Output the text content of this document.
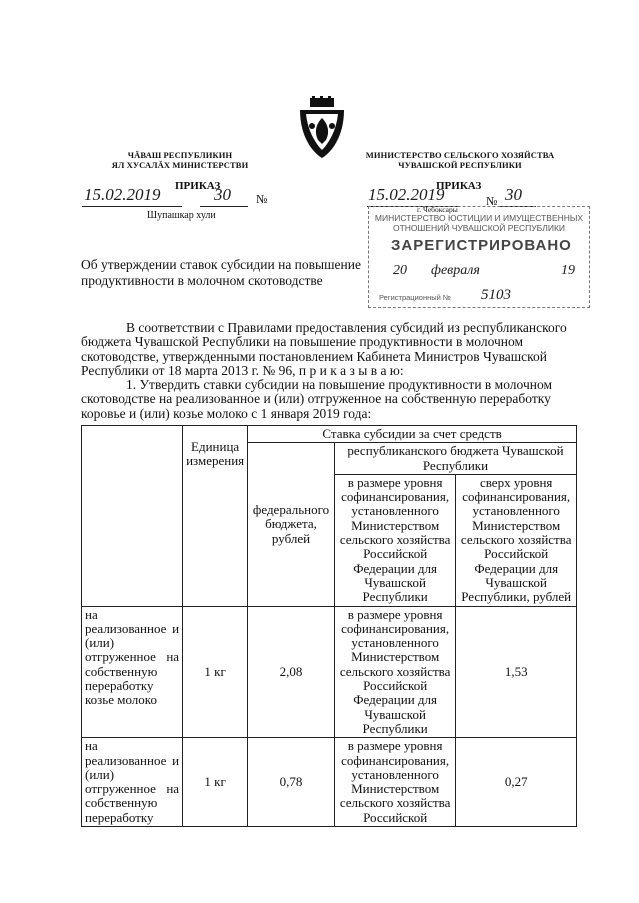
ЧĂВАШ РЕСПУБЛИКИН
ЯЛ ХУСАЛĂХ МИНИСТЕРСТВИ
МИНИСТЕРСТВО СЕЛЬСКОГО ХОЗЯЙСТВА
ЧУВАШСКОЙ РЕСПУБЛИКИ
ПРИКАЗ
15.02.2019	30 №
Шупашкар хули
ПРИКАЗ
15.02.2019	№ 30
г. Чебоксары
МИНИСТЕРСТВО ЮСТИЦИИ И ИМУЩЕСТВЕННЫХ
ОТНОШЕНИЙ ЧУВАШСКОЙ РЕСПУБЛИКИ
ЗАРЕГИСТРИРОВАНО
20 февраля	19
Регистрационный № 5103
Об утверждении ставок субсидии на повышение
продуктивности в молочном скотоводстве
В соответствии с Правилами предоставления субсидий из республиканского
бюджета Чувашской Республики на повышение продуктивности в молочном
скотоводстве, утвержденными постановлением Кабинета Министров Чувашской
Республики от 18 марта 2013 г. № 96, п р и к а з ы в а ю:
1. Утвердить ставки субсидии на повышение продуктивности в молочном
скотоводстве на реализованное и (или) отгруженное на собственную переработку
коровье и (или) козье молоко с 1 января 2019 года:
	Единица измерения	Ставка субсидии за счет средств		
		федерального бюджета, рублей	республиканского бюджета Чувашской Республики	
			в размере уровня софинансирования, установленного Министерством сельского хозяйства Российской Федерации для Чувашской Республики	сверх уровня софинансирования, установленного Министерством сельского хозяйства Российской Федерации для Чувашской Республики, рублей
на реализованное и (или) отгруженное на собственную переработку козье молоко	1 кг	2,08	в размере уровня софинансирования, установленного Министерством сельского хозяйства Российской Федерации для Чувашской Республики	1,53
на реализованное и (или) отгруженное на собственную переработку	1 кг	0,78	в размере уровня софинансирования, установленного Министерством сельского хозяйства Российской	0,27
